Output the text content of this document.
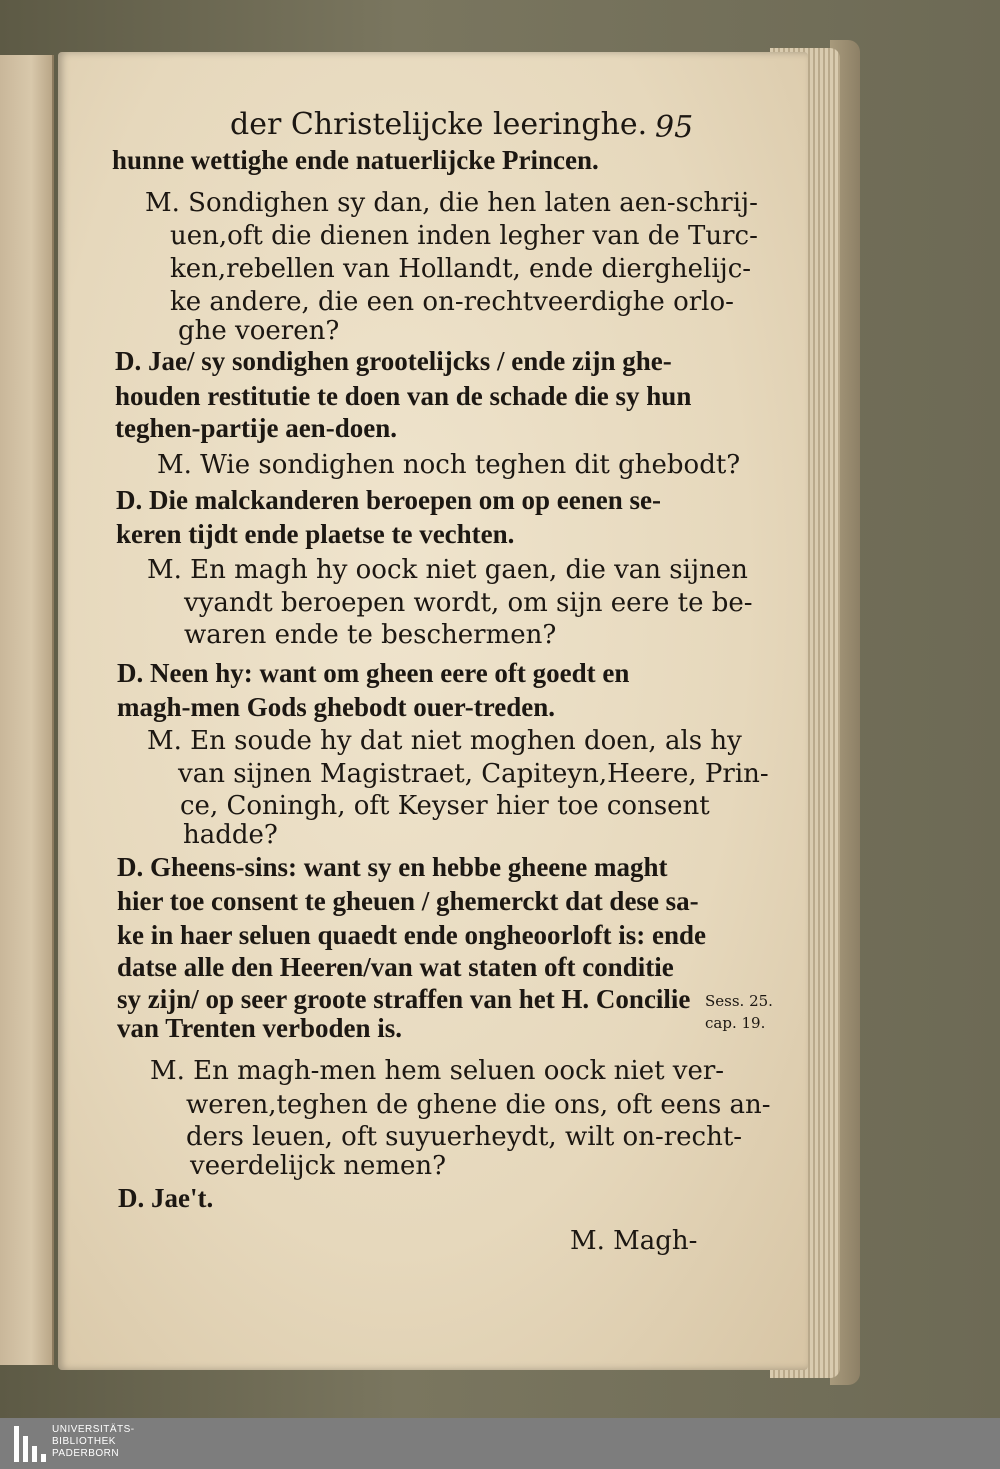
der Christelijcke leeringhe. 95
hunne wettighe ende natuerlijcke Princen.
M. Sondighen sy dan, die hen laten aen-schrij-
uen,oft die dienen inden legher van de Turc-
ken,rebellen van Hollandt, ende dierghelijc-
ke andere, die een on-rechtveerdighe orlo-
ghe voeren?
D. Jae/ sy sondighen grootelijcks / ende zijn ghe-
houden restitutie te doen van de schade die sy hun
teghen-partije aen-doen.
M. Wie sondighen noch teghen dit ghebodt?
D. Die malckanderen beroepen om op eenen se-
keren tijdt ende plaetse te vechten.
M. En magh hy oock niet gaen, die van sijnen
vyandt beroepen wordt, om sijn eere te be-
waren ende te beschermen?
D. Neen hy: want om gheen eere oft goedt en
magh-men Gods ghebodt ouer-treden.
M. En soude hy dat niet moghen doen, als hy
van sijnen Magistraet, Capiteyn,Heere, Prin-
ce, Coningh, oft Keyser hier toe consent
hadde?
D. Gheens-sins: want sy en hebbe gheene maght
hier toe consent te gheuen / ghemerckt dat dese sa-
ke in haer seluen quaedt ende ongheoorloft is: ende
datse alle den Heeren/van wat staten oft conditie
sy zijn/ op seer groote straffen van het H. Concilie
van Trenten verboden is.
Sess. 25.
cap. 19.
M. En magh-men hem seluen oock niet ver-
weren,teghen de ghene die ons, oft eens an-
ders leuen, oft suyuerheydt, wilt on-recht-
veerdelijck nemen?
D. Jae't.
M. Magh-
UNIVERSITÄTS-
BIBLIOTHEK
PADERBORN
